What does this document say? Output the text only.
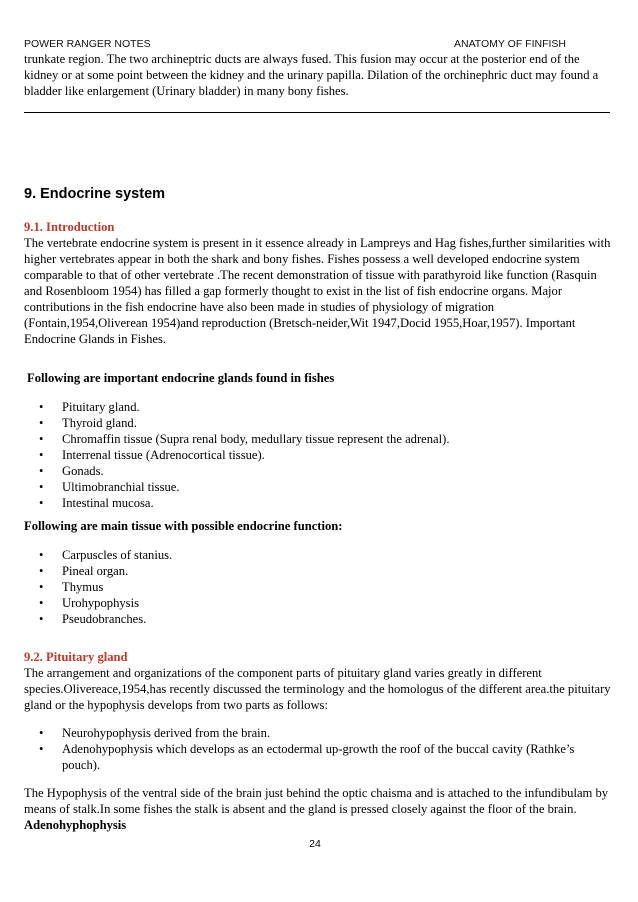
POWER RANGER NOTES	ANATOMY OF FINFISH

trunkate region. The two archineptric ducts are always fused. This fusion may occur at the posterior end of the kidney or at some point between the kidney and the urinary papilla. Dilation of the orchinephric duct may found a bladder like enlargement (Urinary bladder) in many bony fishes.

9. Endocrine system
9.1. Introduction

The vertebrate endocrine system is present in it essence already in Lampreys and Hag fishes,further similarities with higher vertebrates appear in both the shark and bony fishes. Fishes possess a well developed endocrine system comparable to that of other vertebrate .The recent demonstration of tissue with parathyroid like function (Rasquin and Rosenbloom 1954) has filled a gap formerly thought to exist in the list of fish endocrine organs. Major contributions in the fish endocrine have also been made in studies of physiology of migration (Fontain,1954,Oliverean 1954)and reproduction (Bretsch-neider,Wit 1947,Docid 1955,Hoar,1957). Important Endocrine Glands in Fishes.

Following are important endocrine glands found in fishes

• Pituitary gland.
• Thyroid gland.
• Chromaffin tissue (Supra renal body, medullary tissue represent the adrenal).
• Interrenal tissue (Adrenocortical tissue).
• Gonads.
• Ultimobranchial tissue.
• Intestinal mucosa.

Following are main tissue with possible endocrine function:

• Carpuscles of stanius.
• Pineal organ.
• Thymus
• Urohypophysis
• Pseudobranches.
9.2. Pituitary gland

The arrangement and organizations of the component parts of pituitary gland varies greatly in different species.Olivereace,1954,has recently discussed the terminology and the homologus of the different area.the pituitary gland or the hypophysis develops from two parts as follows:

• Neurohypophysis derived from the brain.
• Adenohypophysis which develops as an ectodermal up-growth the roof of the buccal cavity (Rathke’s pouch).

The Hypophysis of the ventral side of the brain just behind the optic chaisma and is attached to the infundibulam by means of stalk.In some fishes the stalk is absent and the gland is pressed closely against the floor of the brain.
Adenohyphophysis

24
